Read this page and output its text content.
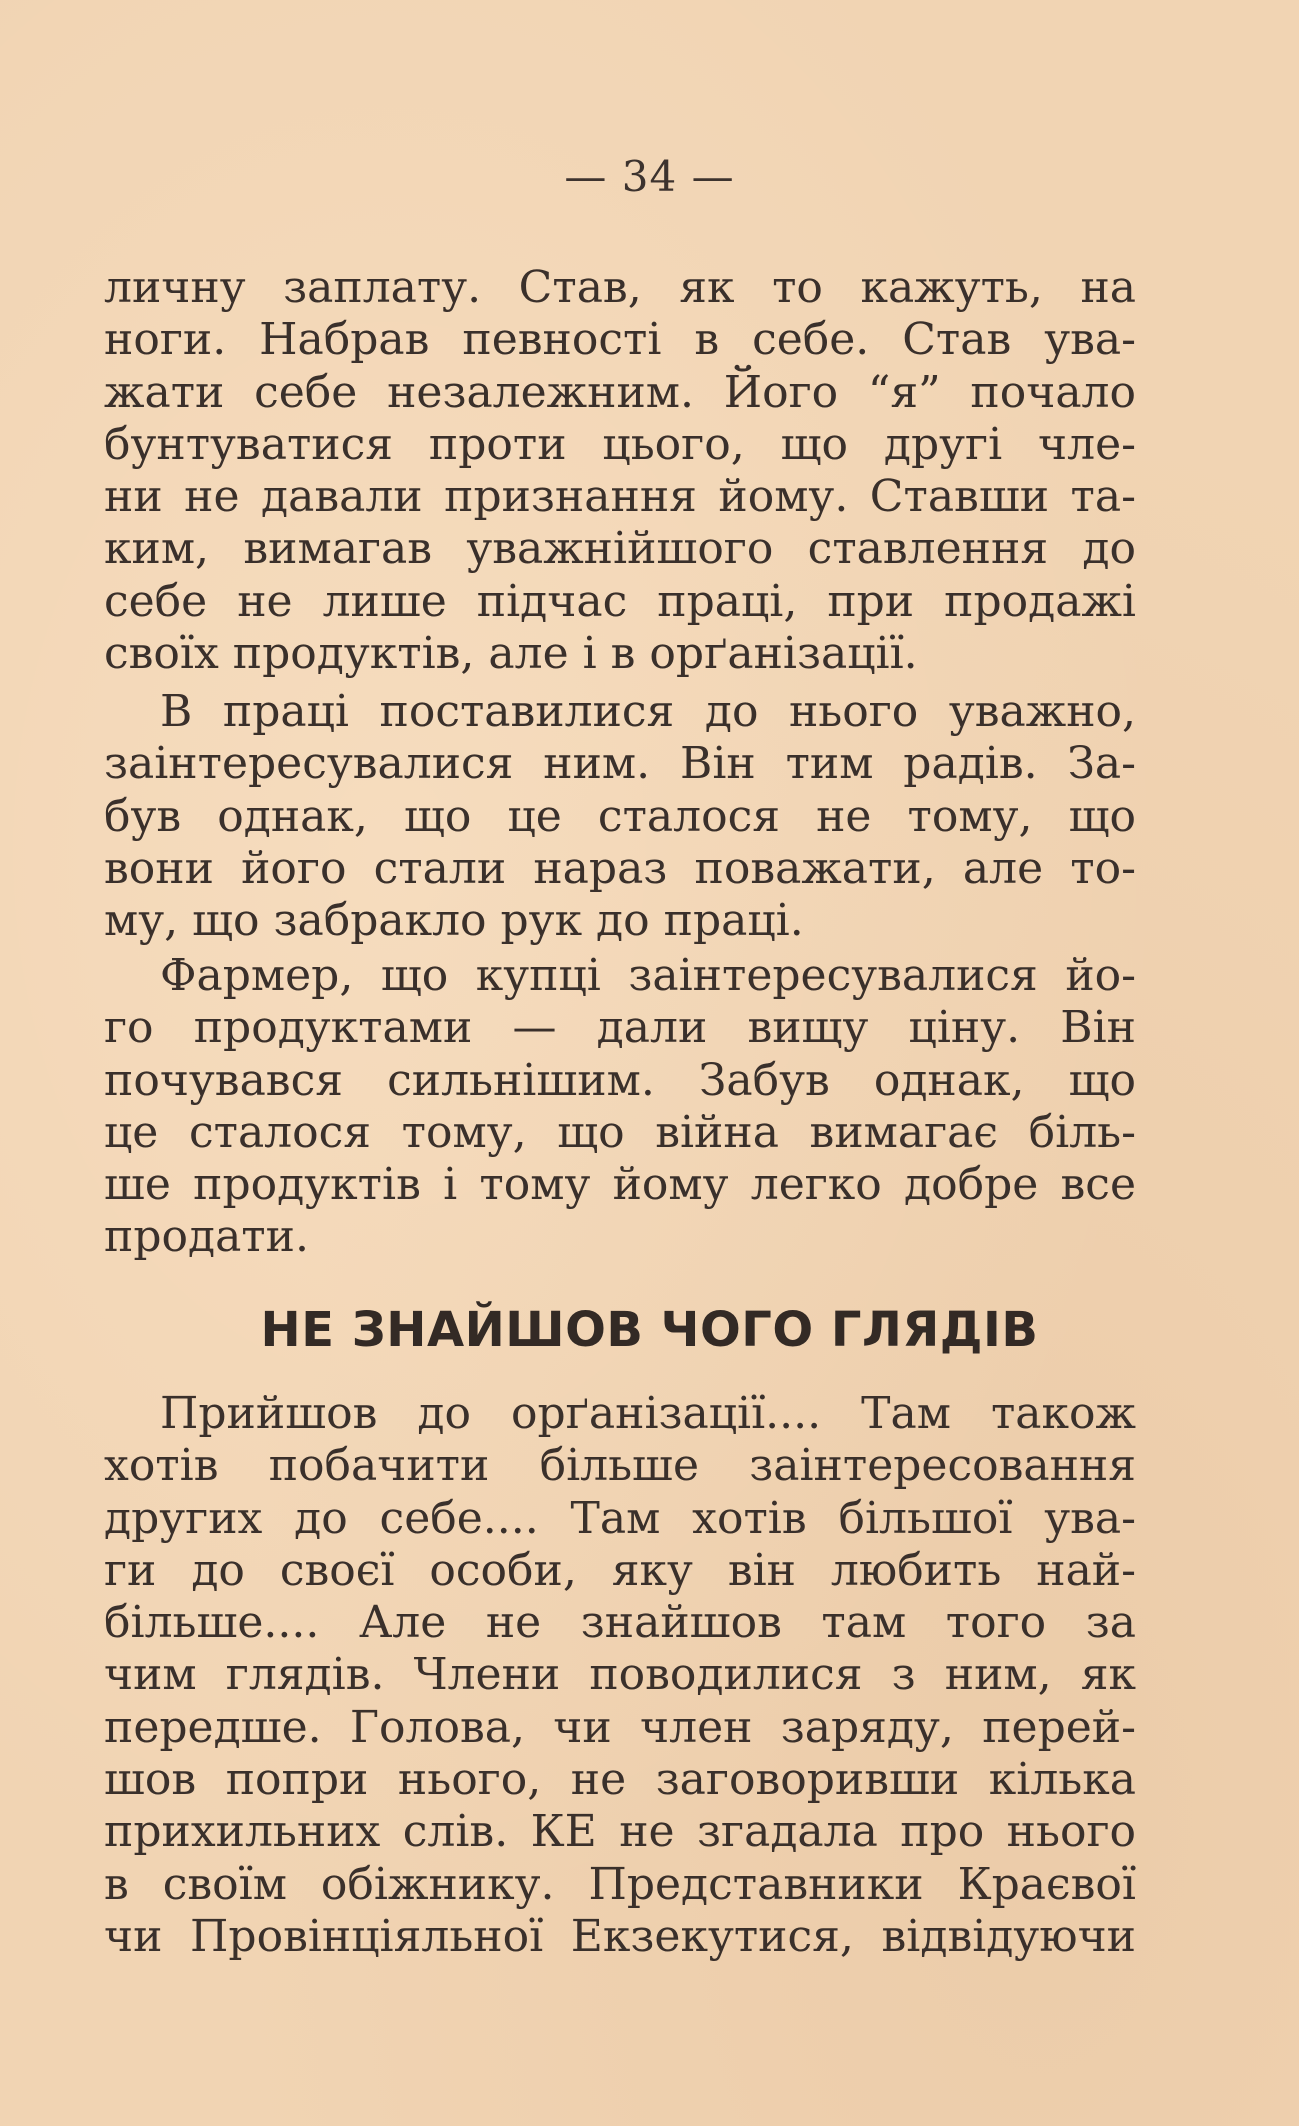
— 34 —
личну заплату. Став, як то кажуть, на
ноги. Набрав певності в себе. Став ува-
жати себе незалежним. Його “я” почало
бунтуватися проти цього, що другі чле-
ни не давали признання йому. Ставши та-
ким, вимагав уважнійшого ставлення до
себе не лише підчас праці, при продажі
своїх продуктів, але і в орґанізації.
В праці поставилися до нього уважно,
заінтересувалися ним. Він тим радів. За-
був однак, що це сталося не тому, що
вони його стали нараз поважати, але то-
му, що забракло рук до праці.
Фармер, що купці заінтересувалися йо-
го продуктами — дали вищу ціну. Він
почувався сильнішим. Забув однак, що
це сталося тому, що війна вимагає біль-
ше продуктів і тому йому легко добре все
продати.
НЕ ЗНАЙШОВ ЧОГО ГЛЯДІВ
Прийшов до орґанізації.... Там також
хотів побачити більше заінтересовання
других до себе.... Там хотів більшої ува-
ги до своєї особи, яку він любить най-
більше.... Але не знайшов там того за
чим глядів. Члени поводилися з ним, як
передше. Голова, чи член заряду, перей-
шов попри нього, не заговоривши кілька
прихильних слів. КЕ не згадала про нього
в своїм обіжнику. Представники Краєвої
чи Провінціяльної Екзекутися, відвідуючи
